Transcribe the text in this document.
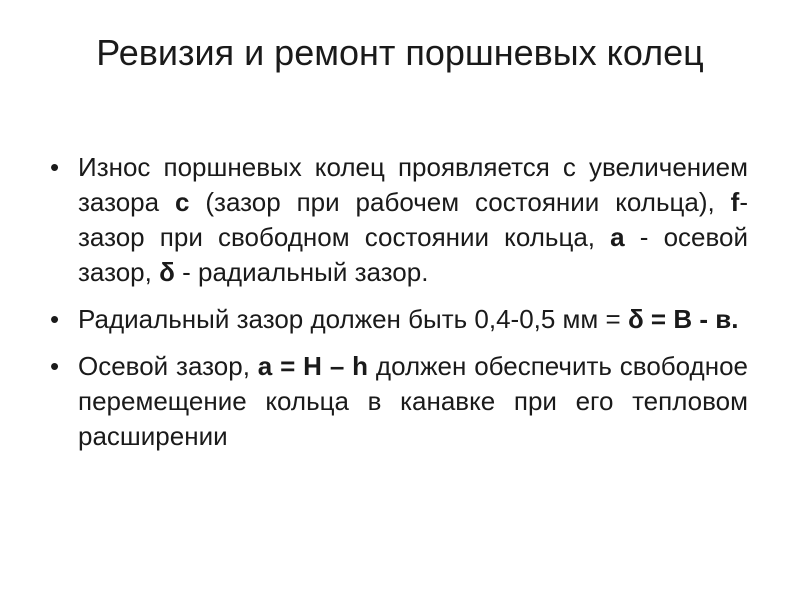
Ревизия и ремонт поршневых колец
• Износ поршневых колец проявляется с увеличением зазора с (зазор при рабочем состоянии кольца), f- зазор при свободном состоянии кольца, а - осевой зазор, δ - радиальный зазор.
• Радиальный зазор должен быть 0,4-0,5 мм = δ = В - в.
• Осевой зазор, а = Н – h должен обеспечить свободное перемещение кольца в канавке при его тепловом расширении
